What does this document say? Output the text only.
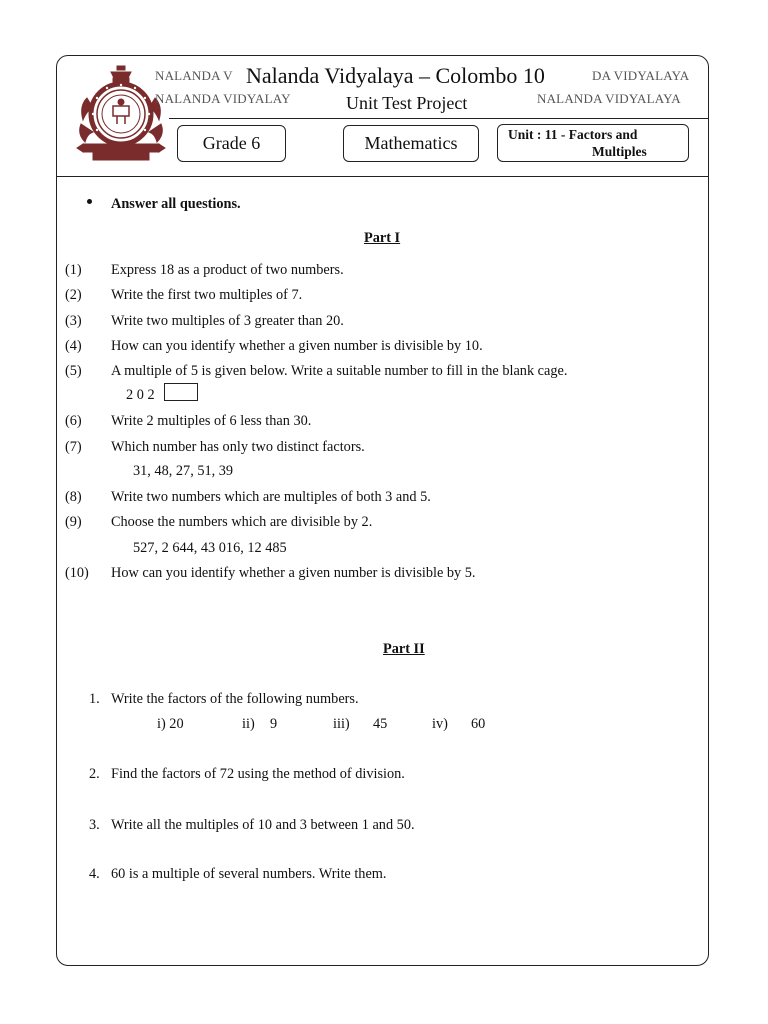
NALANDA V Nalanda Vidyalaya – Colombo 10	DA VIDYALAYA
NALANDA VIDYALAY	Unit Test Project	NALANDA VIDYALAYA
Grade 6	Mathematics	Unit : 11 - Factors and
Multiples
Answer all questions.
Part I
(1) Express 18 as a product of two numbers.
(2) Write the first two multiples of 7.
(3) Write two multiples of 3 greater than 20.
(4) How can you identify whether a given number is divisible by 10.
(5) A multiple of 5 is given below. Write a suitable number to fill in the blank cage.
2 0 2
(6) Write 2 multiples of 6 less than 30.
(7) Which number has only two distinct factors.
31, 48, 27, 51, 39
(8) Write two numbers which are multiples of both 3 and 5.
(9) Choose the numbers which are divisible by 2.
527, 2 644, 43 016, 12 485
(10) How can you identify whether a given number is divisible by 5.
Part II
1. Write the factors of the following numbers.
i) 20	ii) 9	iii) 45	iv) 60
2. Find the factors of 72 using the method of division.
3. Write all the multiples of 10 and 3 between 1 and 50.
4. 60 is a multiple of several numbers. Write them.
